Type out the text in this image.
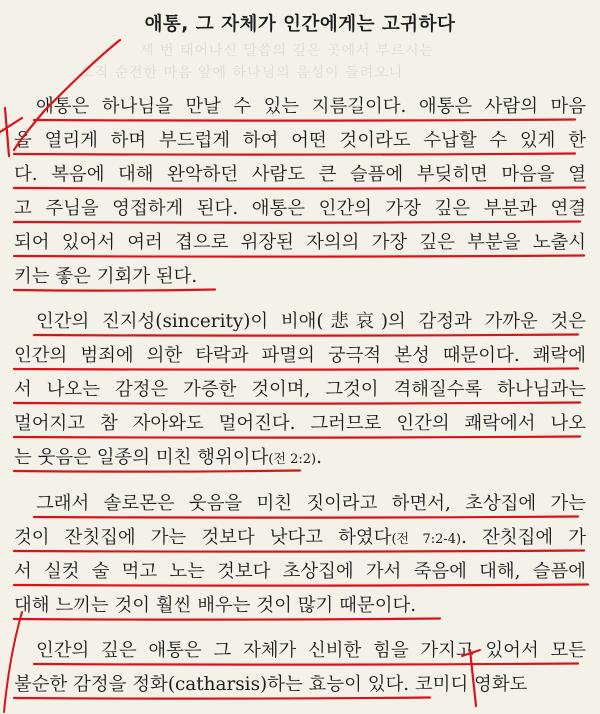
애통, 그 자체가 인간에게는 고귀하다
세 번 태어나신 말씀의 깊은 곳에서 부르시는
오직 순전한 마음 앞에 하나님의 음성이 들려오니
애통은 하나님을 만날 수 있는 지름길이다. 애통은 사람의 마음
을 열리게 하며 부드럽게 하여 어떤 것이라도 수납할 수 있게 한
다. 복음에 대해 완악하던 사람도 큰 슬픔에 부딪히면 마음을 열
고 주님을 영접하게 된다. 애통은 인간의 가장 깊은 부분과 연결
되어 있어서 여러 겹으로 위장된 자의의 가장 깊은 부분을 노출시
키는 좋은 기회가 된다.
인간의 진지성(sincerity)이 비애(悲哀)의 감정과 가까운 것은
인간의 범죄에 의한 타락과 파멸의 궁극적 본성 때문이다. 쾌락에
서 나오는 감정은 가증한 것이며, 그것이 격해질수록 하나님과는
멀어지고 참 자아와도 멀어진다. 그러므로 인간의 쾌락에서 나오
는 웃음은 일종의 미친 행위이다(전 2:2).
그래서 솔로몬은 웃음을 미친 짓이라고 하면서, 초상집에 가는
것이 잔칫집에 가는 것보다 낫다고 하였다(전 7:2-4). 잔칫집에 가
서 실컷 술 먹고 노는 것보다 초상집에 가서 죽음에 대해, 슬픔에
대해 느끼는 것이 훨씬 배우는 것이 많기 때문이다.
인간의 깊은 애통은 그 자체가 신비한 힘을 가지고 있어서 모든
불순한 감정을 정화(catharsis)하는 효능이 있다. 코미디 영화도
